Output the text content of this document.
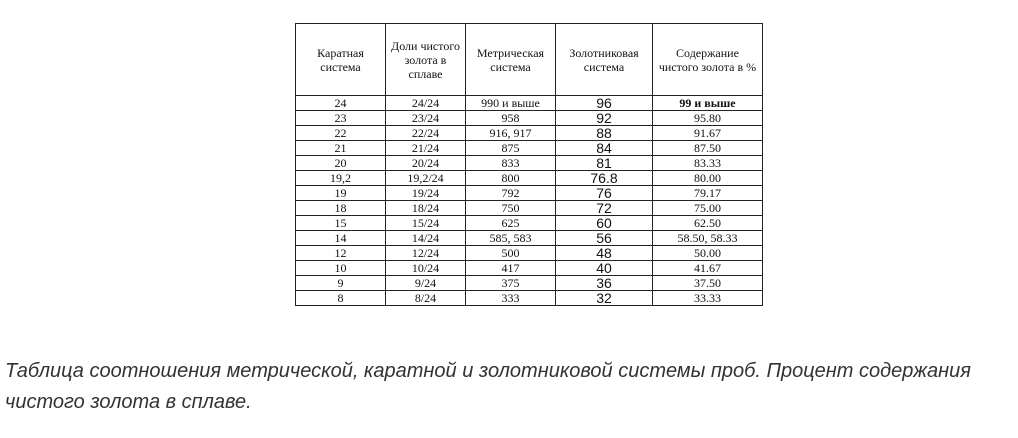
Каратная система	Доли чистого золота в сплаве	Метрическая система	Золотниковая система	Содержание чистого золота в %
24	24/24	990 и выше	96	99 и выше
23	23/24	958	92	95.80
22	22/24	916, 917	88	91.67
21	21/24	875	84	87.50
20	20/24	833	81	83.33
19,2	19,2/24	800	76.8	80.00
19	19/24	792	76	79.17
18	18/24	750	72	75.00
15	15/24	625	60	62.50
14	14/24	585, 583	56	58.50, 58.33
12	12/24	500	48	50.00
10	10/24	417	40	41.67
9	9/24	375	36	37.50
8	8/24	333	32	33.33

Таблица соотношения метрической, каратной и золотниковой системы проб. Процент содержания чистого золота в сплаве.
